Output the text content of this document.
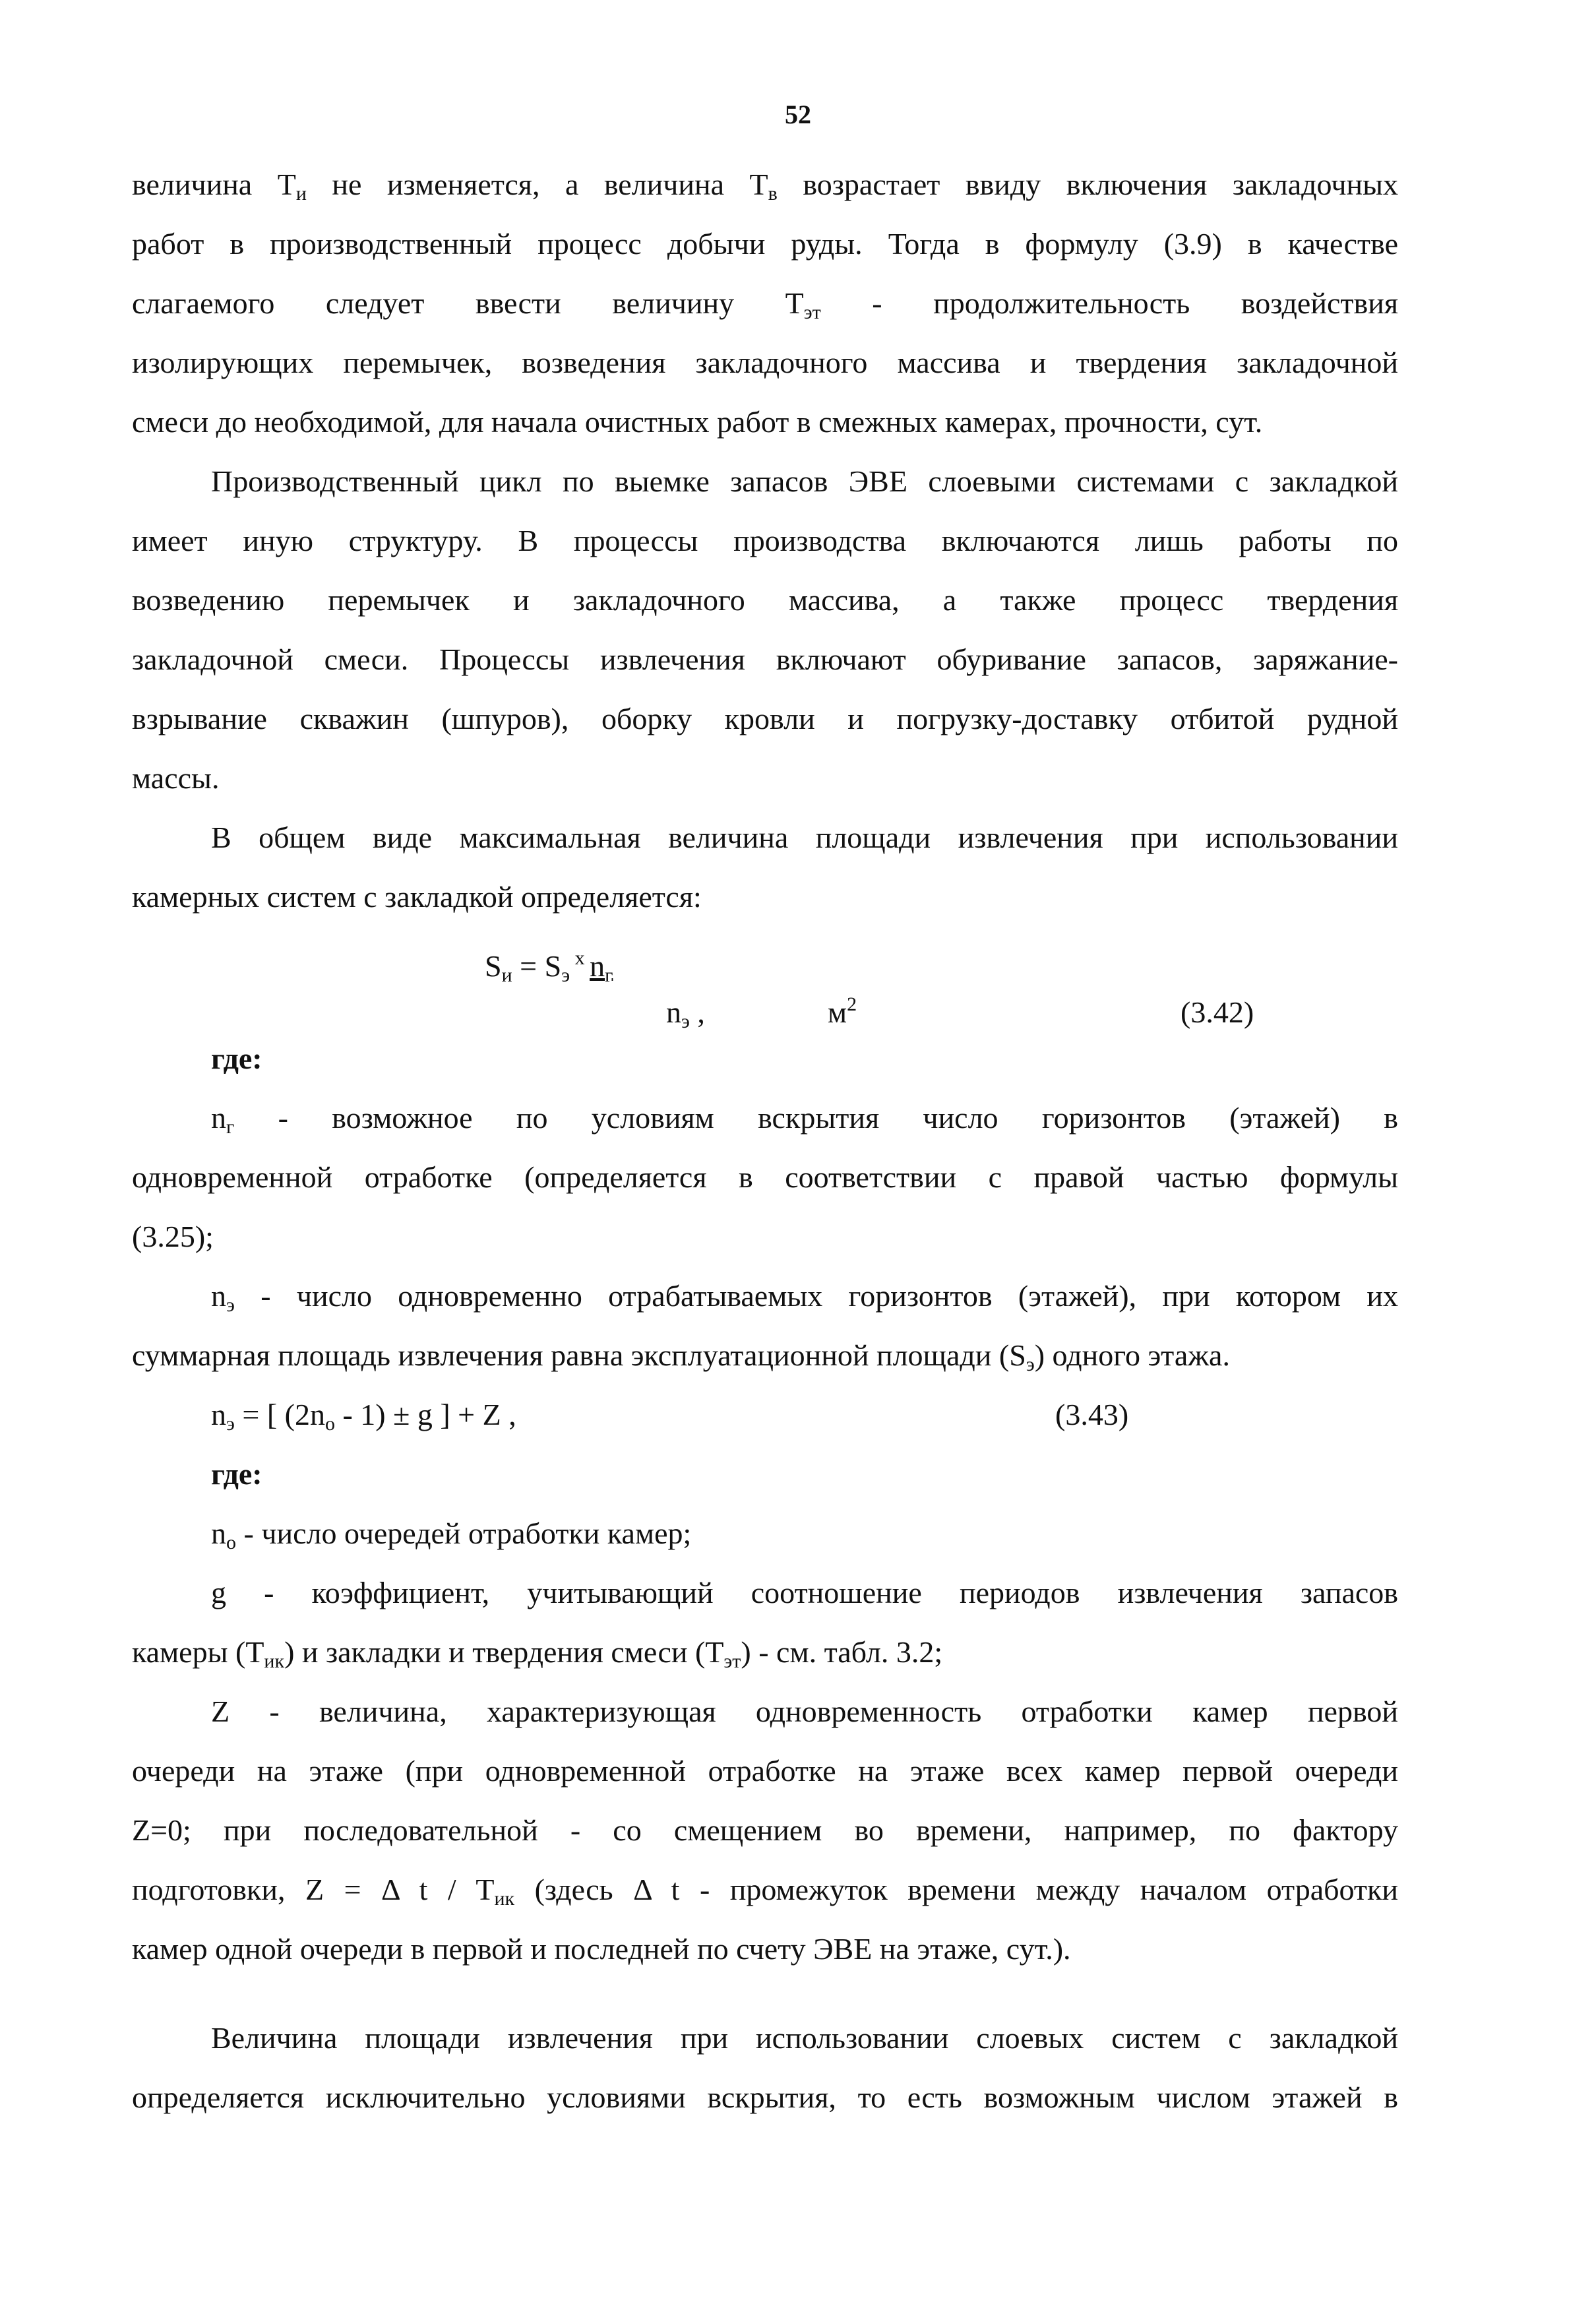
52
величина $T_и$ не изменяется, а величина $T_в$ возрастает ввиду включения закладочных
работ в производственный процесс добычи руды. Тогда в формулу (3.9) в качестве
слагаемого следует ввести величину $T_{эт}$ - продолжительность воздействия
изолирующих перемычек, возведения закладочного массива и твердения закладочной
смеси до необходимой, для начала очистных работ в смежных камерах, прочности, сут.
Производственный цикл по выемке запасов ЭВЕ слоевыми системами с закладкой
имеет иную структуру. В процессы производства включаются лишь работы по
возведению перемычек и закладочного массива, а также процесс твердения
закладочной смеси. Процессы извлечения включают обуривание запасов, заряжание-
взрывание скважин (шпуров), оборку кровли и погрузку-доставку отбитой рудной
массы.
В общем виде максимальная величина площади извлечения при использовании
камерных систем с закладкой определяется:
$S_и = S_э$ $^x$ $n_г$
$n_э$ ,	$м^2$	(3.42)
где:
$n_г$ - возможное по условиям вскрытия число горизонтов (этажей) в
одновременной отработке (определяется в соответствии с правой частью формулы
(3.25);
$n_э$ - число одновременно отрабатываемых горизонтов (этажей), при котором их
суммарная площадь извлечения равна эксплуатационной площади $(S_э)$ одного этажа.
$n_э$ = [ $(2n_о - 1) \pm g$ ] + Z ,	(3.43)
где:
$n_о$ - число очередей отработки камер;
g - коэффициент, учитывающий соотношение периодов извлечения запасов
камеры $(T_{ик})$ и закладки и твердения смеси $(T_{эт})$ - см. табл. 3.2;
Z - величина, характеризующая одновременность отработки камер первой
очереди на этаже (при одновременной отработке на этаже всех камер первой очереди
Z=0; при последовательной - со смещением во времени, например, по фактору
подготовки, Z = Δ t / $T_{ик}$ (здесь Δ t - промежуток времени между началом отработки
камер одной очереди в первой и последней по счету ЭВЕ на этаже, сут.).
Величина площади извлечения при использовании слоевых систем с закладкой
определяется исключительно условиями вскрытия, то есть возможным числом этажей в
